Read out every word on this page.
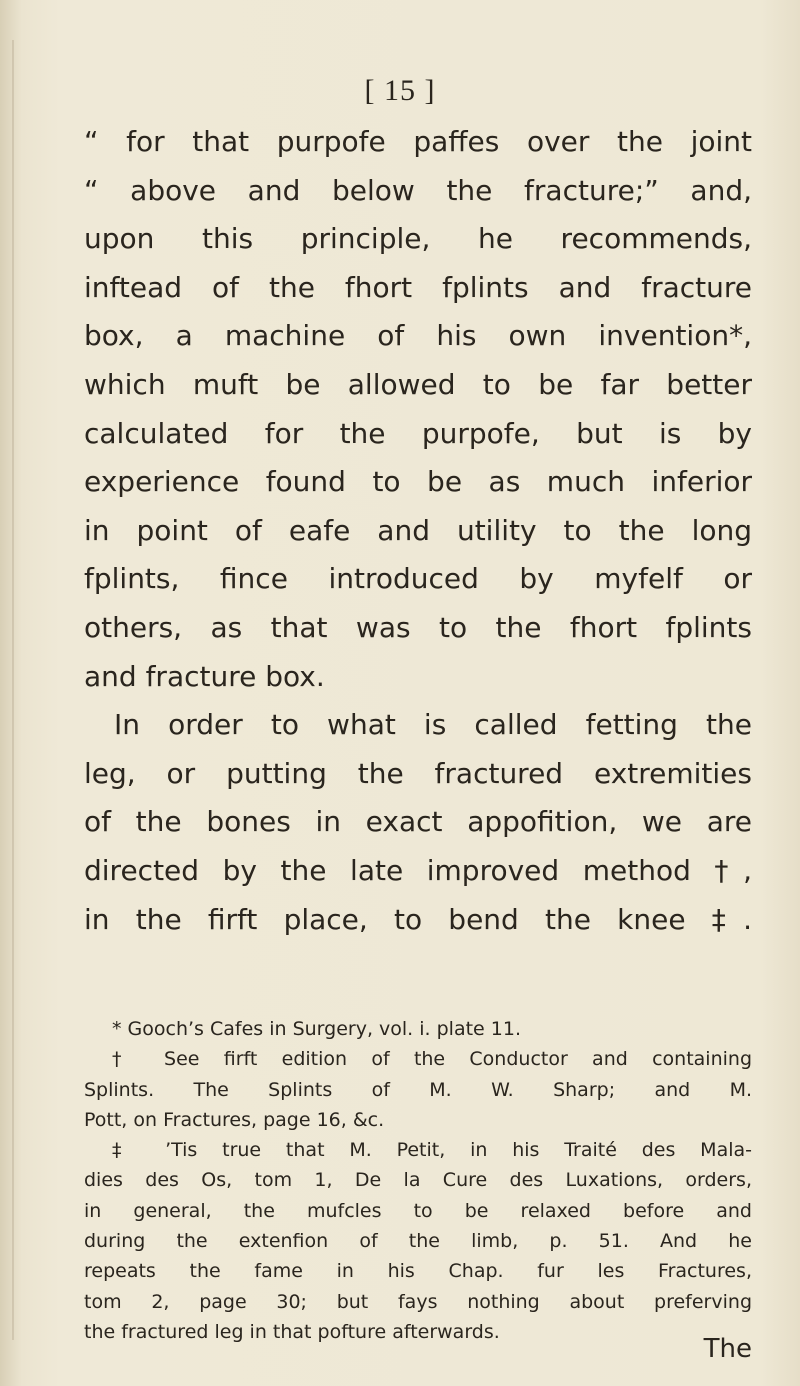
[ 15 ]
“ for that purpofe paffes over the joint
“ above and below the fracture;” and,
upon this principle, he recommends,
inftead of the fhort fplints and fracture
box, a machine of his own invention*,
which muft be allowed to be far better
calculated for the purpofe, but is by
experience found to be as much inferior
in point of eafe and utility to the long
fplints, fince introduced by myfelf or
others, as that was to the fhort fplints
and fracture box.
In order to what is called fetting the
leg, or putting the fractured extremities
of the bones in exact appofition, we are
directed by the late improved method †,
in the firft place, to bend the knee ‡.
* Gooch’s Cafes in Surgery, vol. i. plate 11.
† See firft edition of the Conductor and containing
Splints. The Splints of M. W. Sharp; and M.
Pott, on Fractures, page 16, &c.
‡ ’Tis true that M. Petit, in his Traité des Mala-
dies des Os, tom 1, De la Cure des Luxations, orders,
in general, the mufcles to be relaxed before and
during the extenfion of the limb, p. 51. And he
repeats the fame in his Chap. fur les Fractures,
tom 2, page 30; but fays nothing about preferving
the fractured leg in that pofture afterwards.
The
